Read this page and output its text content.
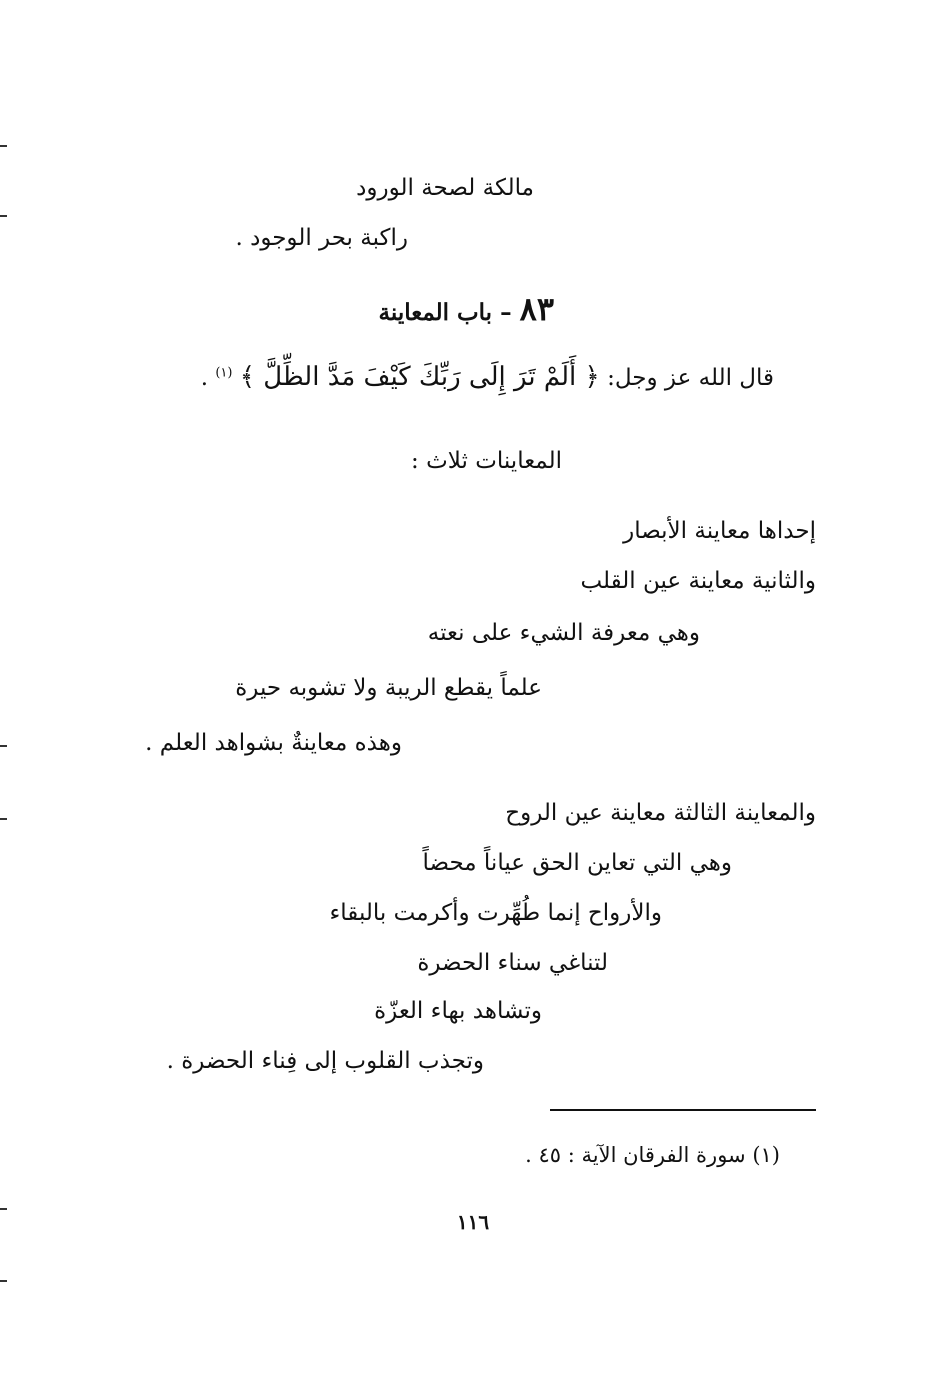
مالكة لصحة الورود
راكبة بحر الوجود .
٨٣ – باب المعاينة
قال الله عز وجل: ﴿ أَلَمْ تَرَ إِلَى رَبِّكَ كَيْفَ مَدَّ الظِّلَّ ﴾ $^{(١)}$ .
المعاينات ثلاث :
إحداها معاينة الأبصار
والثانية معاينة عين القلب
وهي معرفة الشيء على نعته
علماً يقطع الريبة ولا تشوبه حيرة
وهذه معاينةٌ بشواهد العلم .
والمعاينة الثالثة معاينة عين الروح
وهي التي تعاين الحق عياناً محضاً
والأرواح إنما طُهِّرت وأكرمت بالبقاء
لتناغي سناء الحضرة
وتشاهد بهاء العزّة
وتجذب القلوب إلى فِناء الحضرة .
(١) سورة الفرقان الآية : ٤٥ .
١١٦
